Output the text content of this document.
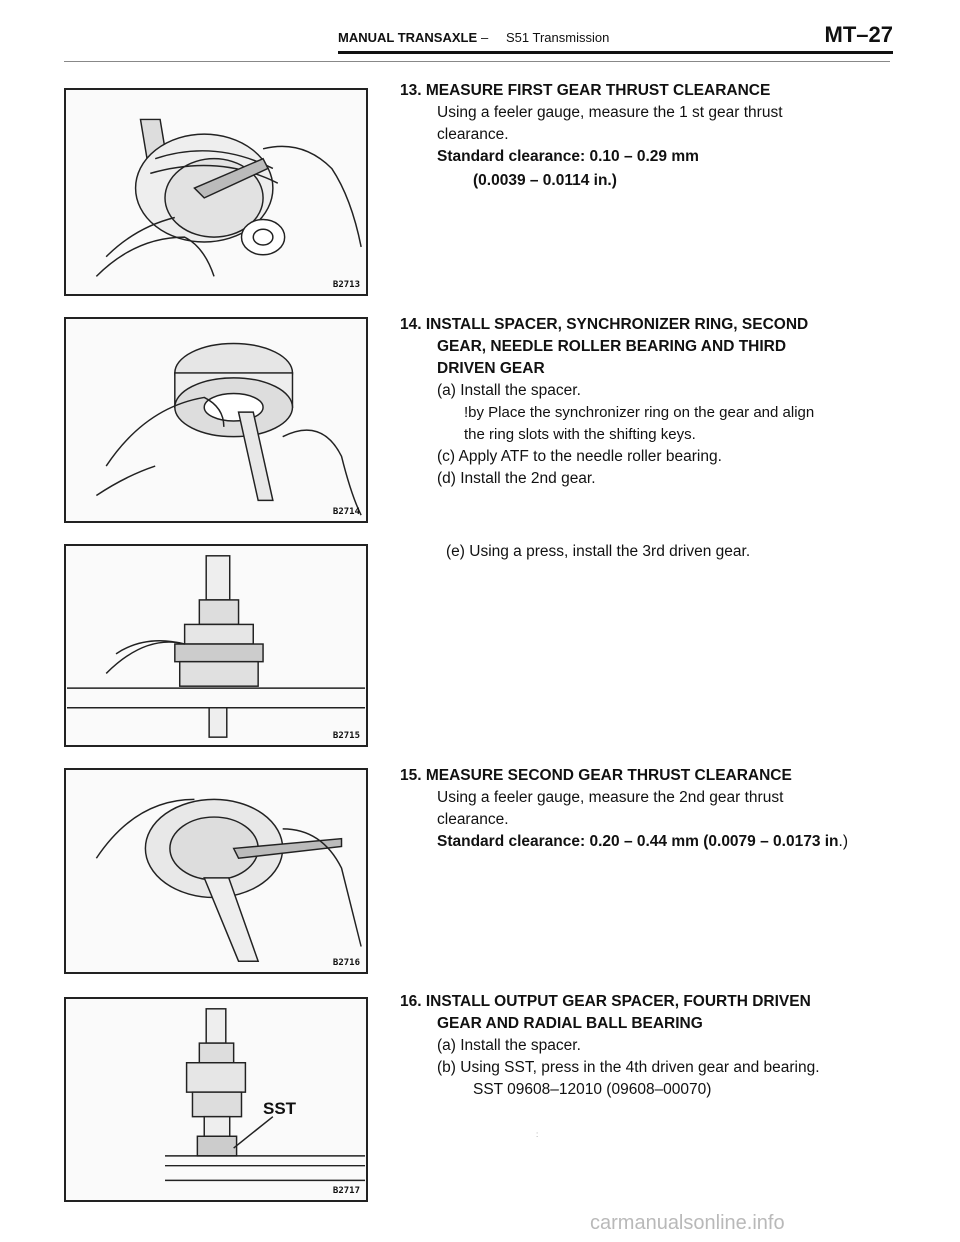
MANUAL TRANSAXLE – S51 Transmission	MT–27
B2713
B2714
B2715
B2716
SST
B2717

13. MEASURE FIRST GEAR THRUST CLEARANCE

Using a feeler gauge, measure the 1 st gear thrust

clearance.

Standard clearance: 0.10 – 0.29 mm

(0.0039 – 0.0114 in.)

14. INSTALL SPACER, SYNCHRONIZER RING, SECOND

GEAR, NEEDLE ROLLER BEARING AND THIRD

DRIVEN GEAR

(a) Install the spacer.

!by Place the synchronizer ring on the gear and align

the ring slots with the shifting keys.

(c) Apply ATF to the needle roller bearing.

(d) Install the 2nd gear.

(e) Using a press, install the 3rd driven gear.

15. MEASURE SECOND GEAR THRUST CLEARANCE

Using a feeler gauge, measure the 2nd gear thrust

clearance.

Standard clearance: 0.20 – 0.44 mm (0.0079 – 0.0173 in.)

16. INSTALL OUTPUT GEAR SPACER, FOURTH DRIVEN

GEAR AND RADIAL BALL BEARING

(a) Install the spacer.

(b) Using SST, press in the 4th driven gear and bearing.

SST 09608–12010 (09608–00070)

:
carmanualsonline.info
